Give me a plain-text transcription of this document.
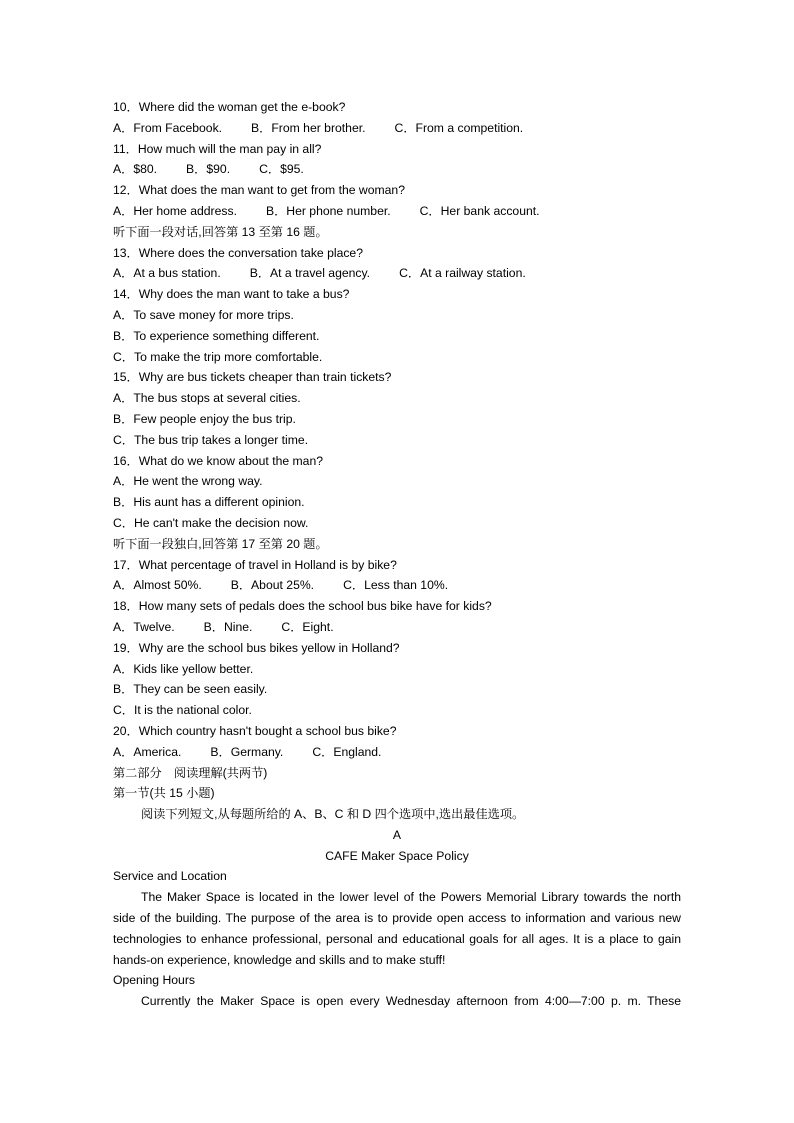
10．Where did the woman get the e-book?
A．From Facebook. B．From her brother. C．From a competition.
11．How much will the man pay in all?
A．$80. B．$90. C．$95.
12．What does the man want to get from the woman?
A．Her home address. B．Her phone number. C．Her bank account.
听下面一段对话,回答第 13 至第 16 题。
13．Where does the conversation take place?
A．At a bus station. B．At a travel agency. C．At a railway station.
14．Why does the man want to take a bus?
A．To save money for more trips.
B．To experience something different.
C．To make the trip more comfortable.
15．Why are bus tickets cheaper than train tickets?
A．The bus stops at several cities.
B．Few people enjoy the bus trip.
C．The bus trip takes a longer time.
16．What do we know about the man?
A．He went the wrong way.
B．His aunt has a different opinion.
C．He can't make the decision now.
听下面一段独白,回答第 17 至第 20 题。
17．What percentage of travel in Holland is by bike?
A．Almost 50%. B．About 25%. C．Less than 10%.
18．How many sets of pedals does the school bus bike have for kids?
A．Twelve. B．Nine. C．Eight.
19．Why are the school bus bikes yellow in Holland?
A．Kids like yellow better.
B．They can be seen easily.
C．It is the national color.
20．Which country hasn't bought a school bus bike?
A．America. B．Germany. C．England.
第二部分　阅读理解(共两节)
第一节(共 15 小题)
阅读下列短文,从每题所给的 A、B、C 和 D 四个选项中,选出最佳选项。
A
CAFE Maker Space Policy
Service and Location
The Maker Space is located in the lower level of the Powers Memorial Library towards the north side of the building. The purpose of the area is to provide open access to information and various new technologies to enhance professional, personal and educational goals for all ages. It is a place to gain hands-on experience, knowledge and skills and to make stuff!
Opening Hours
Currently the Maker Space is open every Wednesday afternoon from 4:00—7:00 p. m. These
